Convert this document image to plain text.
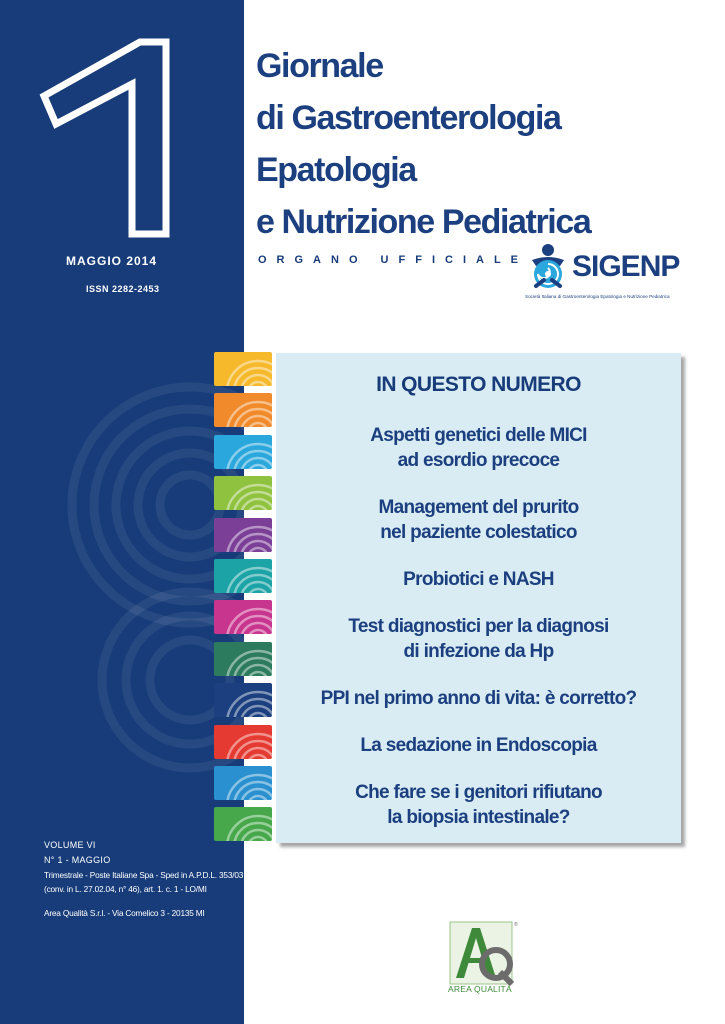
1
MAGGIO 2014
ISSN 2282-2453
Giornale
di Gastroenterologia
Epatologia
e Nutrizione Pediatrica
ORGANO UFFICIALE SIGENP
Società Italiana di Gastroenterologia Epatologia e Nutrizione Pediatrica
IN QUESTO NUMERO
Aspetti genetici delle MICI
ad esordio precoce
Management del prurito
nel paziente colestatico
Probiotici e NASH
Test diagnostici per la diagnosi
di infezione da Hp
PPI nel primo anno di vita: è corretto?
La sedazione in Endoscopia
Che fare se i genitori rifiutano
la biopsia intestinale?
VOLUME VI
N° 1 - MAGGIO
Trimestrale - Poste Italiane Spa - Sped in A.P.D.L. 353/03
(conv. in L. 27.02.04, n° 46), art. 1. c. 1 - LO/MI
Area Qualità S.r.l. - Via Comelico 3 - 20135 MI
®
AREA QUALITÀ
